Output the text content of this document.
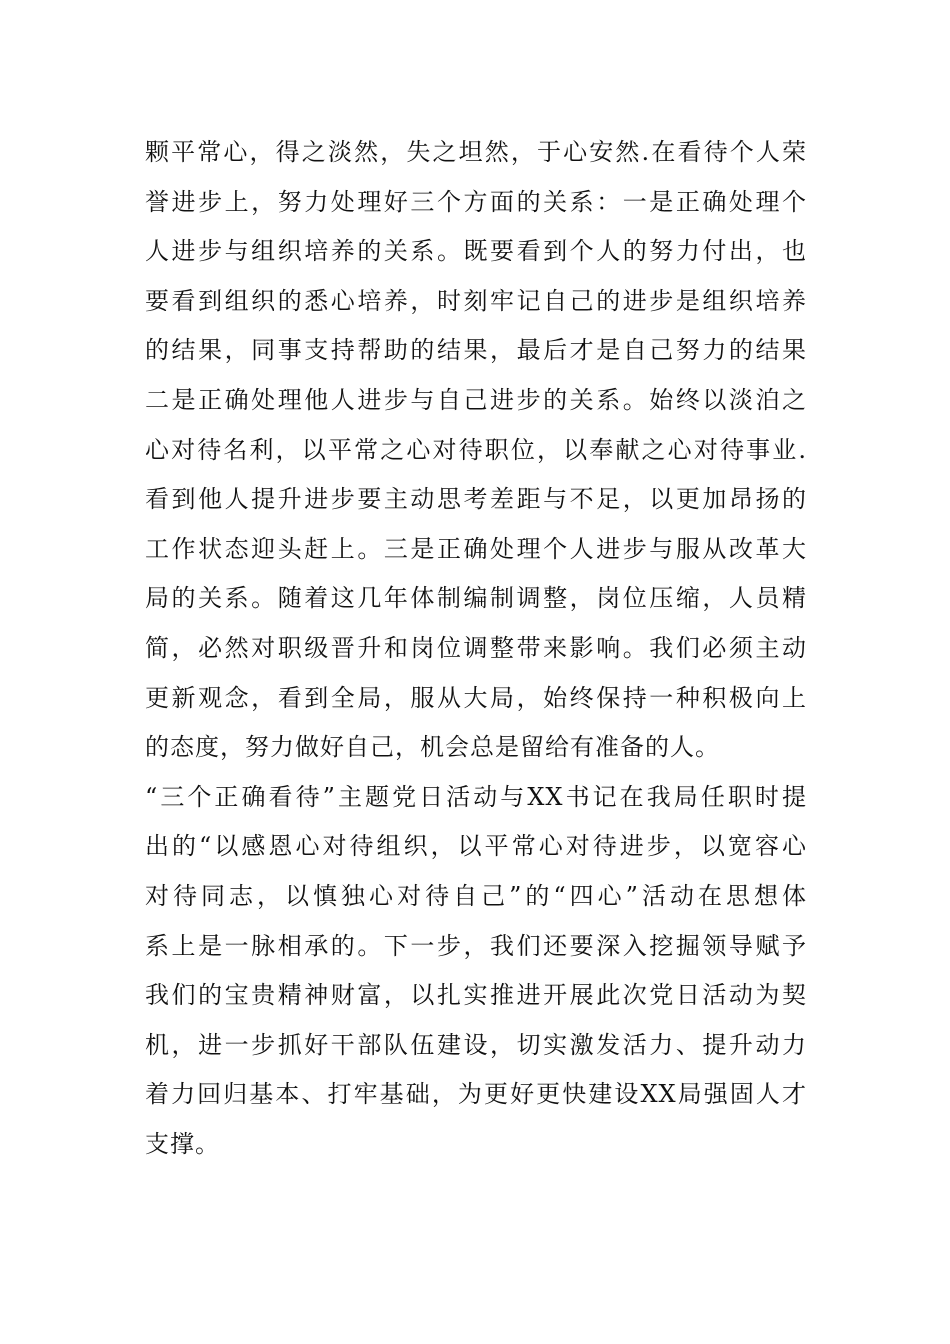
颗平常心，得之淡然，失之坦然，于心安然.在看待个人荣
誉进步上，努力处理好三个方面的关系：一是正确处理个
人进步与组织培养的关系。既要看到个人的努力付出，也
要看到组织的悉心培养，时刻牢记自己的进步是组织培养
的结果，同事支持帮助的结果，最后才是自己努力的结果
二是正确处理他人进步与自己进步的关系。始终以淡泊之
心对待名利，以平常之心对待职位，以奉献之心对待事业.
看到他人提升进步要主动思考差距与不足，以更加昂扬的
工作状态迎头赶上。三是正确处理个人进步与服从改革大
局的关系。随着这几年体制编制调整，岗位压缩，人员精
简，必然对职级晋升和岗位调整带来影响。我们必须主动
更新观念，看到全局，服从大局，始终保持一种积极向上
的态度，努力做好自己，机会总是留给有准备的人。
“三个正确看待”主题党日活动与XX书记在我局任职时提
出的“以感恩心对待组织，以平常心对待进步，以宽容心
对待同志，以慎独心对待自己”的“四心”活动在思想体
系上是一脉相承的。下一步，我们还要深入挖掘领导赋予
我们的宝贵精神财富，以扎实推进开展此次党日活动为契
机，进一步抓好干部队伍建设，切实激发活力、提升动力
着力回归基本、打牢基础，为更好更快建设XX局强固人才
支撑。
